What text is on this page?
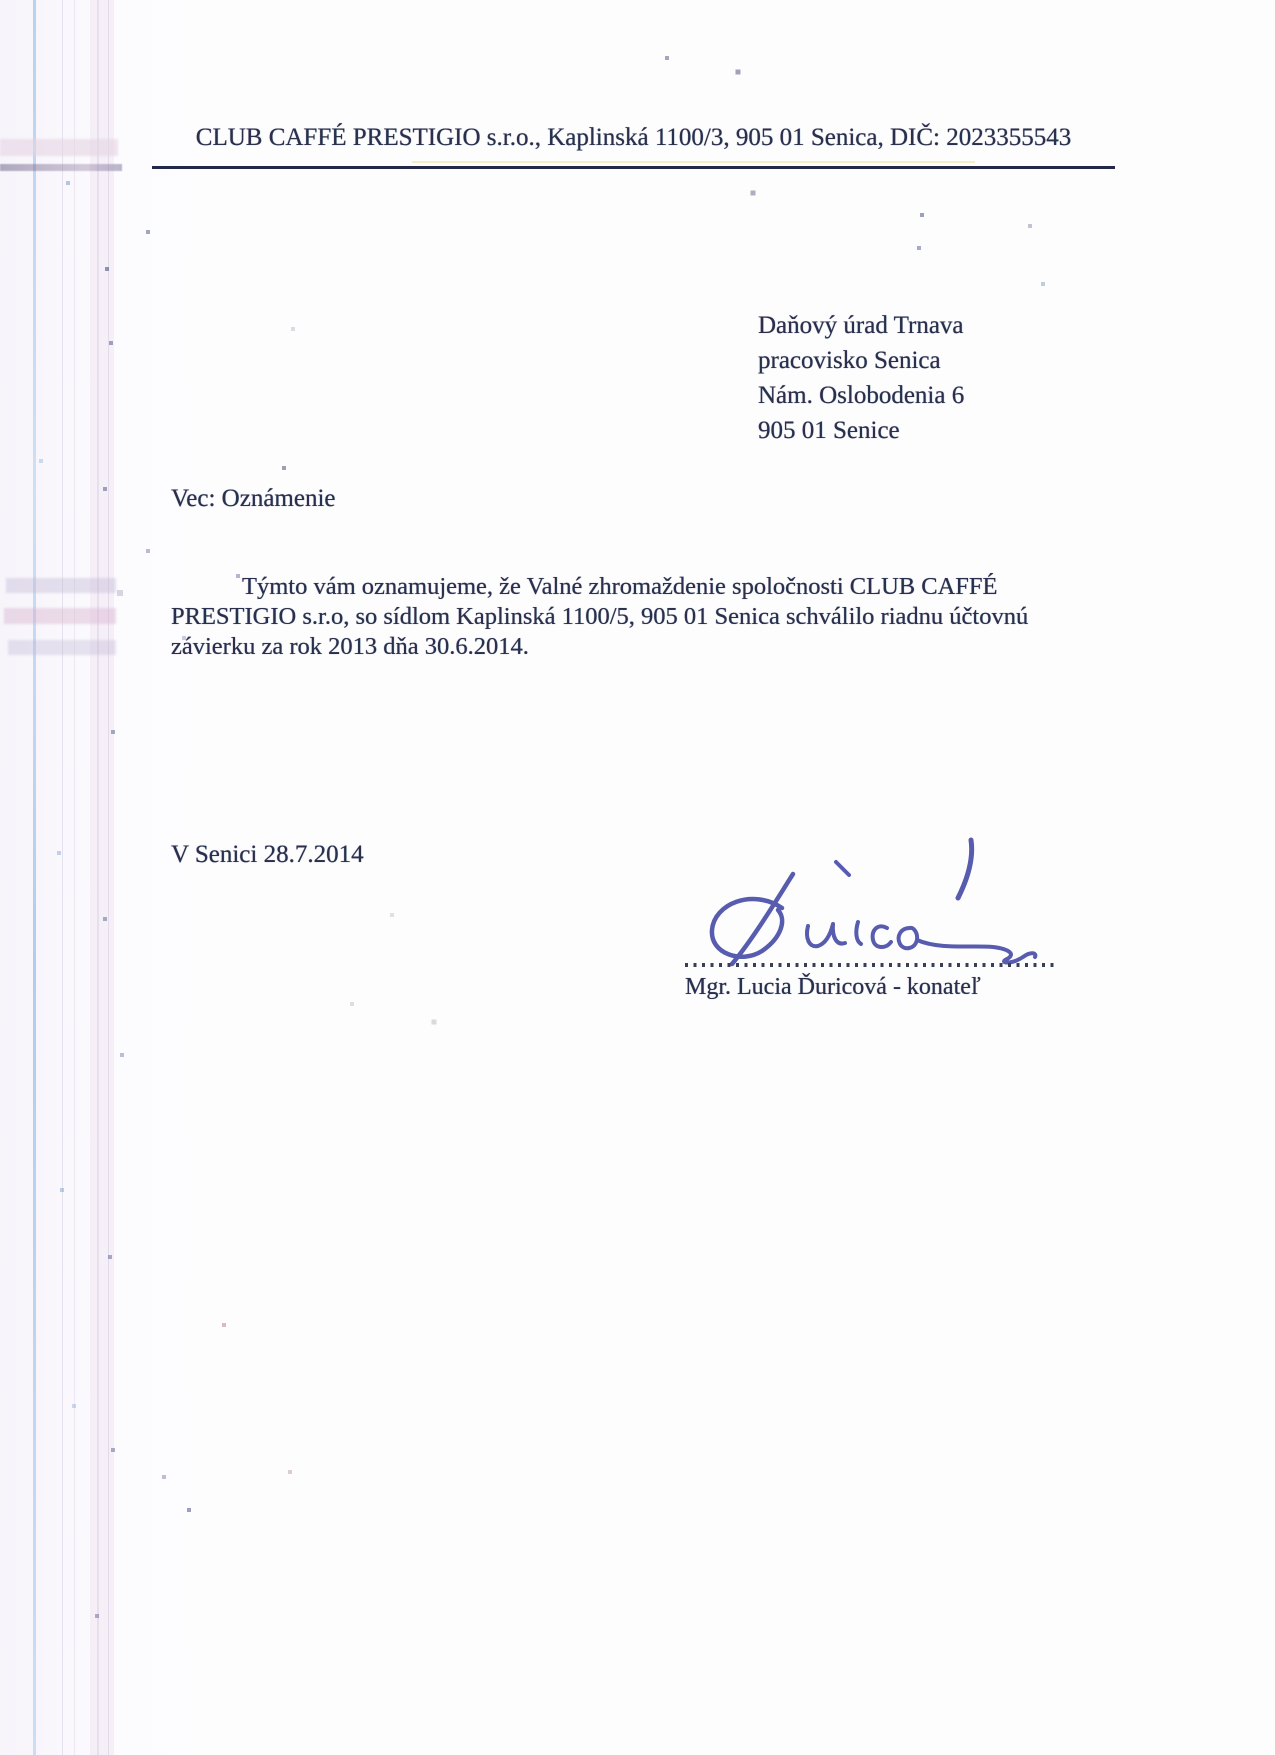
CLUB CAFFÉ PRESTIGIO s.r.o., Kaplinská 1100/3, 905 01 Senica, DIČ: 2023355543
Daňový úrad Trnava
pracovisko Senica
Nám. Oslobodenia 6
905 01 Senice
Vec: Oznámenie
Týmto vám oznamujeme, že Valné zhromaždenie spoločnosti CLUB CAFFÉ
PRESTIGIO s.r.o, so sídlom Kaplinská 1100/5, 905 01 Senica schválilo riadnu účtovnú
závierku za rok 2013 dňa 30.6.2014.
V Senici 28.7.2014
Mgr. Lucia Ďuricová - konateľ
